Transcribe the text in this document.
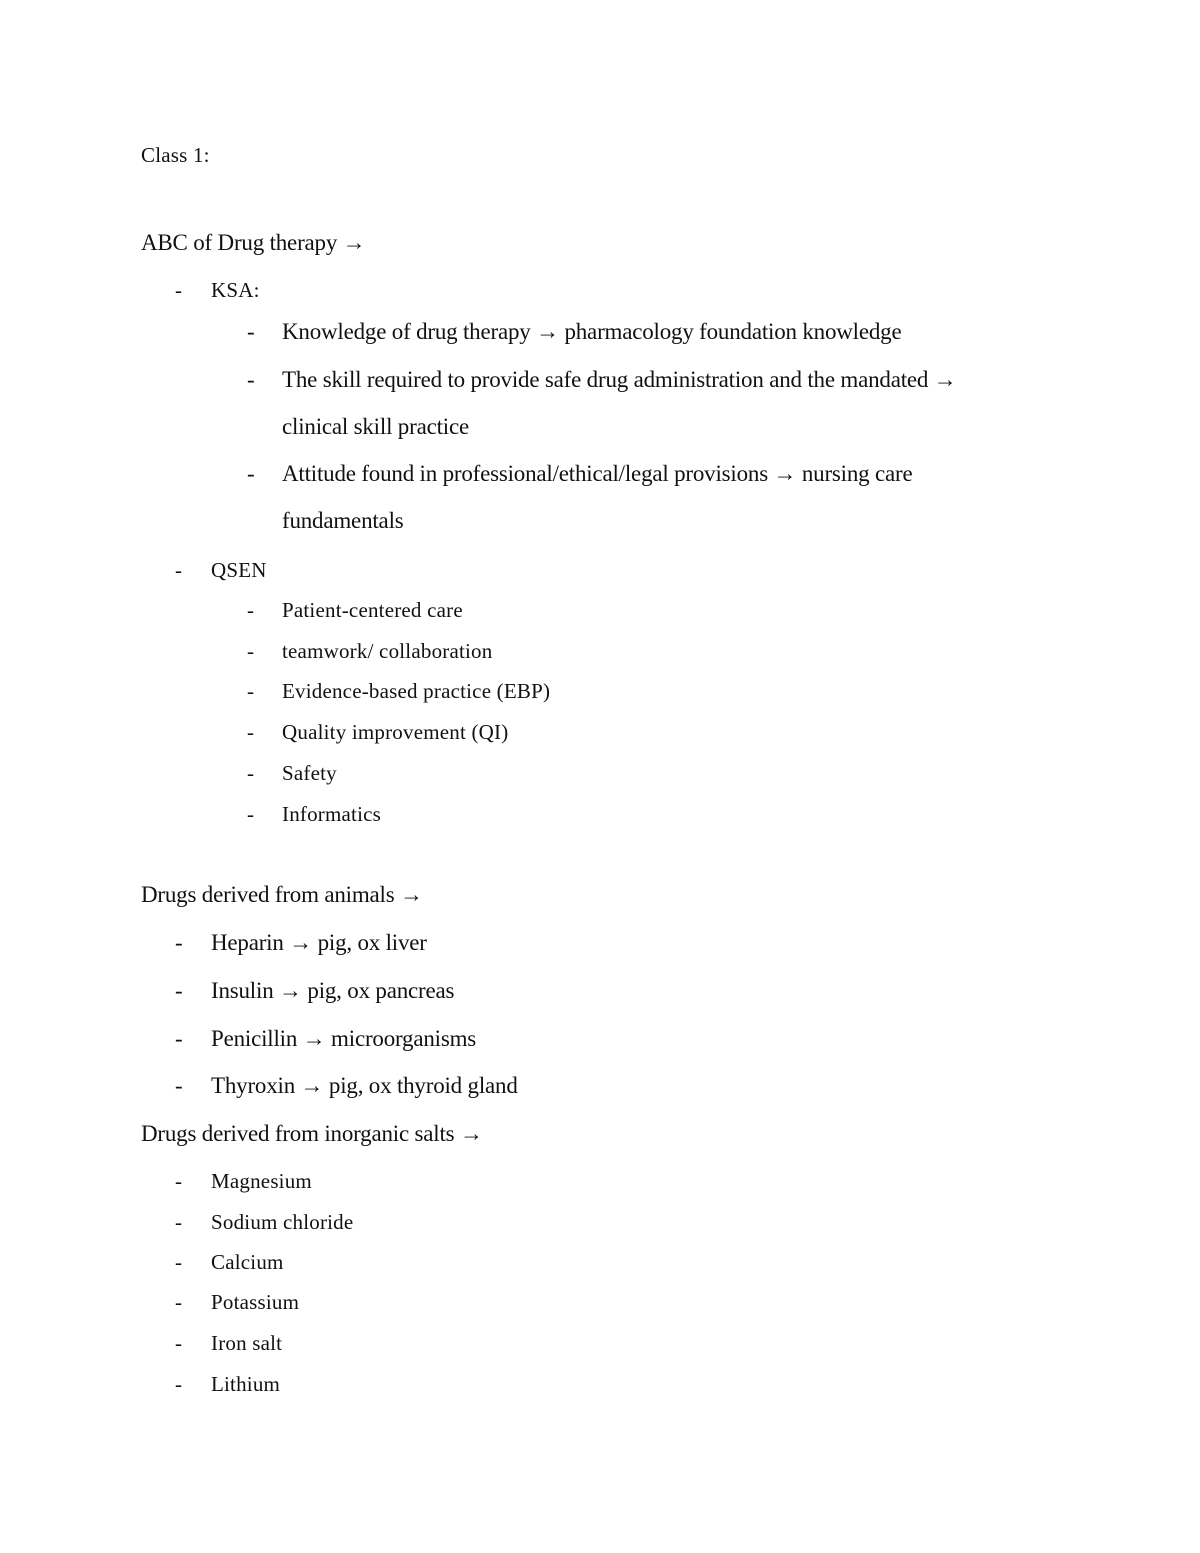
Class 1:
ABC of Drug therapy →
- KSA:
- Knowledge of drug therapy → pharmacology foundation knowledge
- The skill required to provide safe drug administration and the mandated →
clinical skill practice
- Attitude found in professional/ethical/legal provisions → nursing care
fundamentals
- QSEN
- Patient-centered care
- teamwork/ collaboration
- Evidence-based practice (EBP)
- Quality improvement (QI)
- Safety
- Informatics
Drugs derived from animals →
- Heparin → pig, ox liver
- Insulin → pig, ox pancreas
- Penicillin → microorganisms
- Thyroxin → pig, ox thyroid gland
Drugs derived from inorganic salts →
- Magnesium
- Sodium chloride
- Calcium
- Potassium
- Iron salt
- Lithium
